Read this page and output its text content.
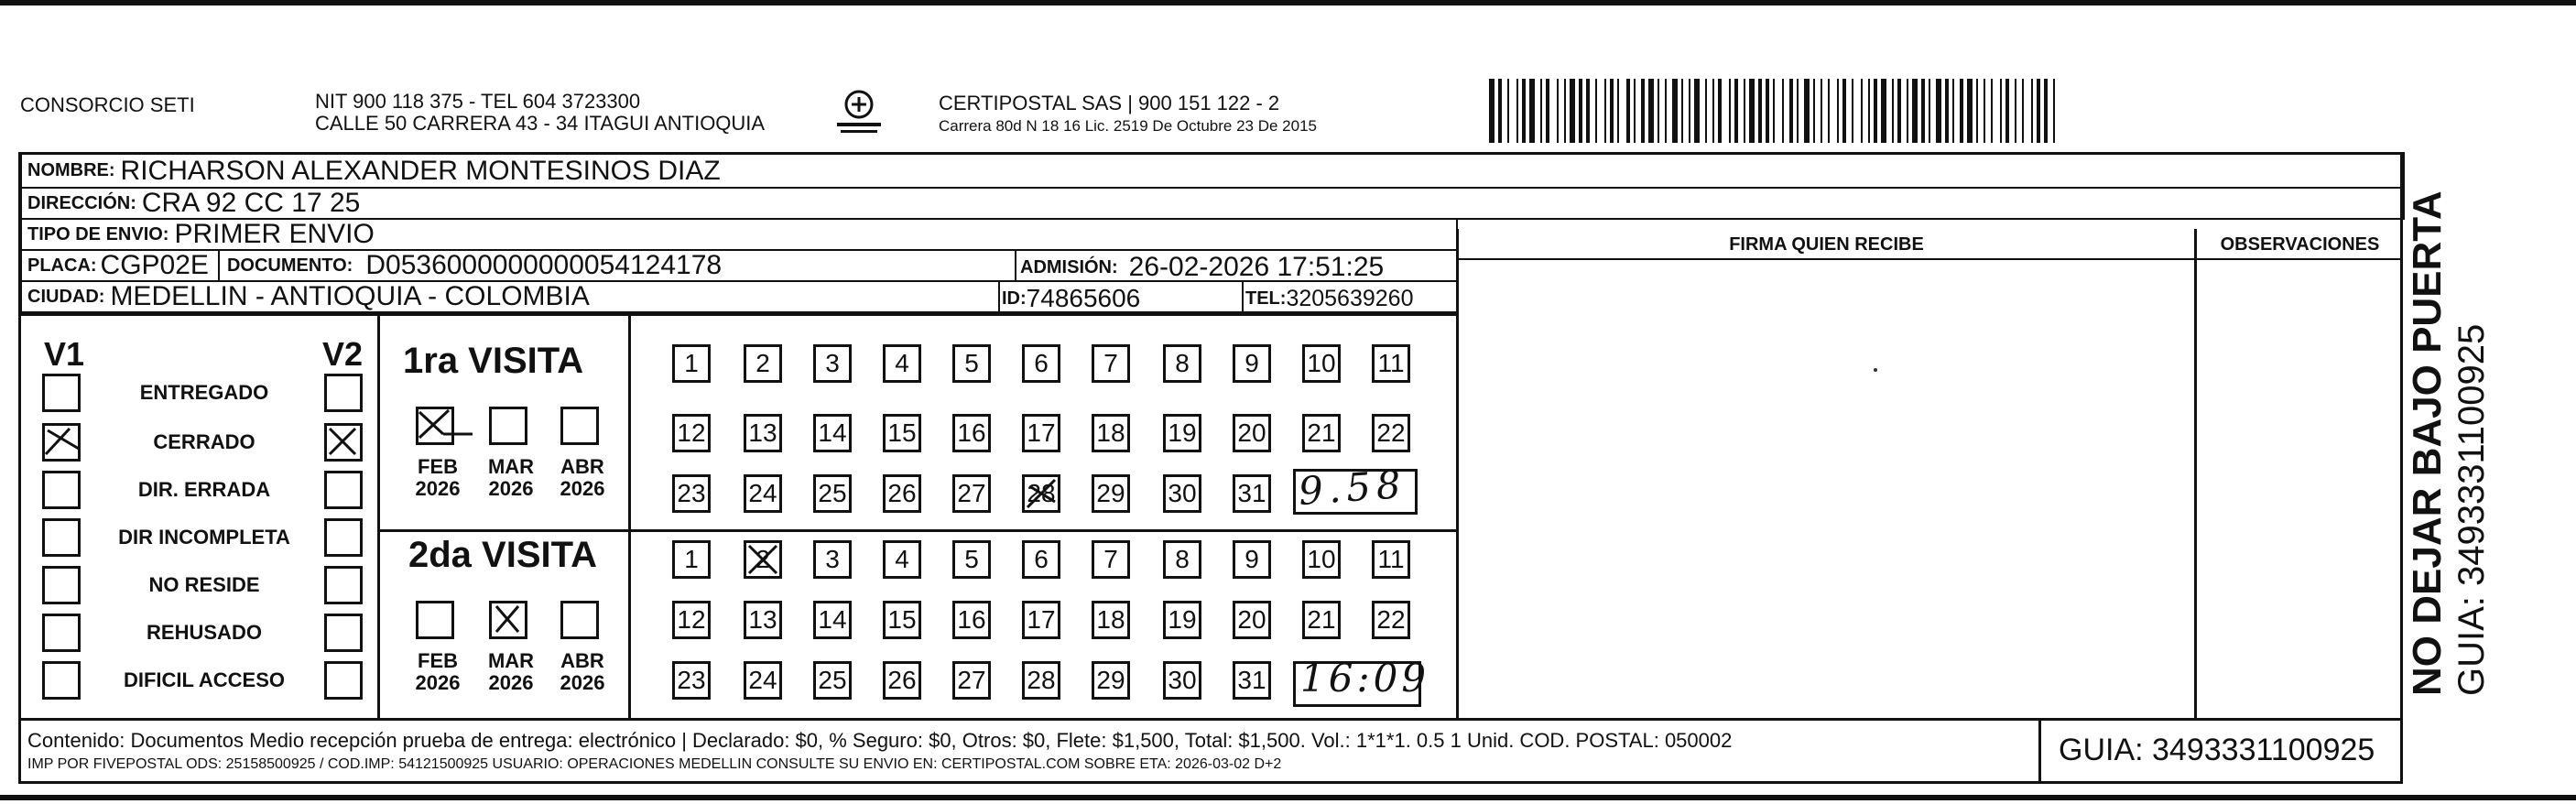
CONSORCIO SETI	NIT 900 118 375 - TEL 604 3723300
CALLE 50 CARRERA 43 - 34 ITAGUI ANTIOQUIA
CERTIPOSTAL SAS | 900 151 122 - 2
Carrera 80d N 18 16 Lic. 2519 De Octubre 23 De 2015
NO DEJAR BAJO PUERTA GUIA: 3493331100925
NOMBRE: RICHARSON ALEXANDER MONTESINOS DIAZ
DIRECCIÓN: CRA 92 CC 17 25
TIPO DE ENVIO: PRIMER ENVIO
PLACA: CGP02E DOCUMENTO: D0536000000000054124178	ADMISIÓN: 26-02-2026 17:51:25
CIUDAD: MEDELLIN - ANTIOQUIA - COLOMBIA	ID: 74865606	TEL: 3205639260
FIRMA QUIEN RECIBE	OBSERVACIONES
V1	V2
ENTREGADO
CERRADO
DIR. ERRADA
DIR INCOMPLETA
NO RESIDE
REHUSADO
DIFICIL ACCESO
1ra VISITA
FEB
2026
MAR
2026
ABR
2026
2da VISITA
FEB
2026
MAR
2026
ABR
2026
1	2	3	4	5	6	7	8	9	10 11
12 13 14 15 16 17 18 19 20 21 22
23 24 25 26 27 28 29 30 31
1	2	3	4	5	6	7	8	9	10 11
12 13 14 15 16 17 18 19 20 21 22
23 24 25 26 27 28 29 30 31
9.58
16:09
Contenido: Documentos Medio recepción prueba de entrega: electrónico | Declarado: $0, % Seguro: $0, Otros: $0, Flete: $1,500, Total: $1,500. Vol.: 1*1*1. 0.5 1 Unid. COD. POSTAL: 050002
IMP POR FIVEPOSTAL ODS: 25158500925 / COD.IMP: 54121500925 USUARIO: OPERACIONES MEDELLIN CONSULTE SU ENVIO EN: CERTIPOSTAL.COM SOBRE ETA: 2026-03-02 D+2	GUIA: 3493331100925
